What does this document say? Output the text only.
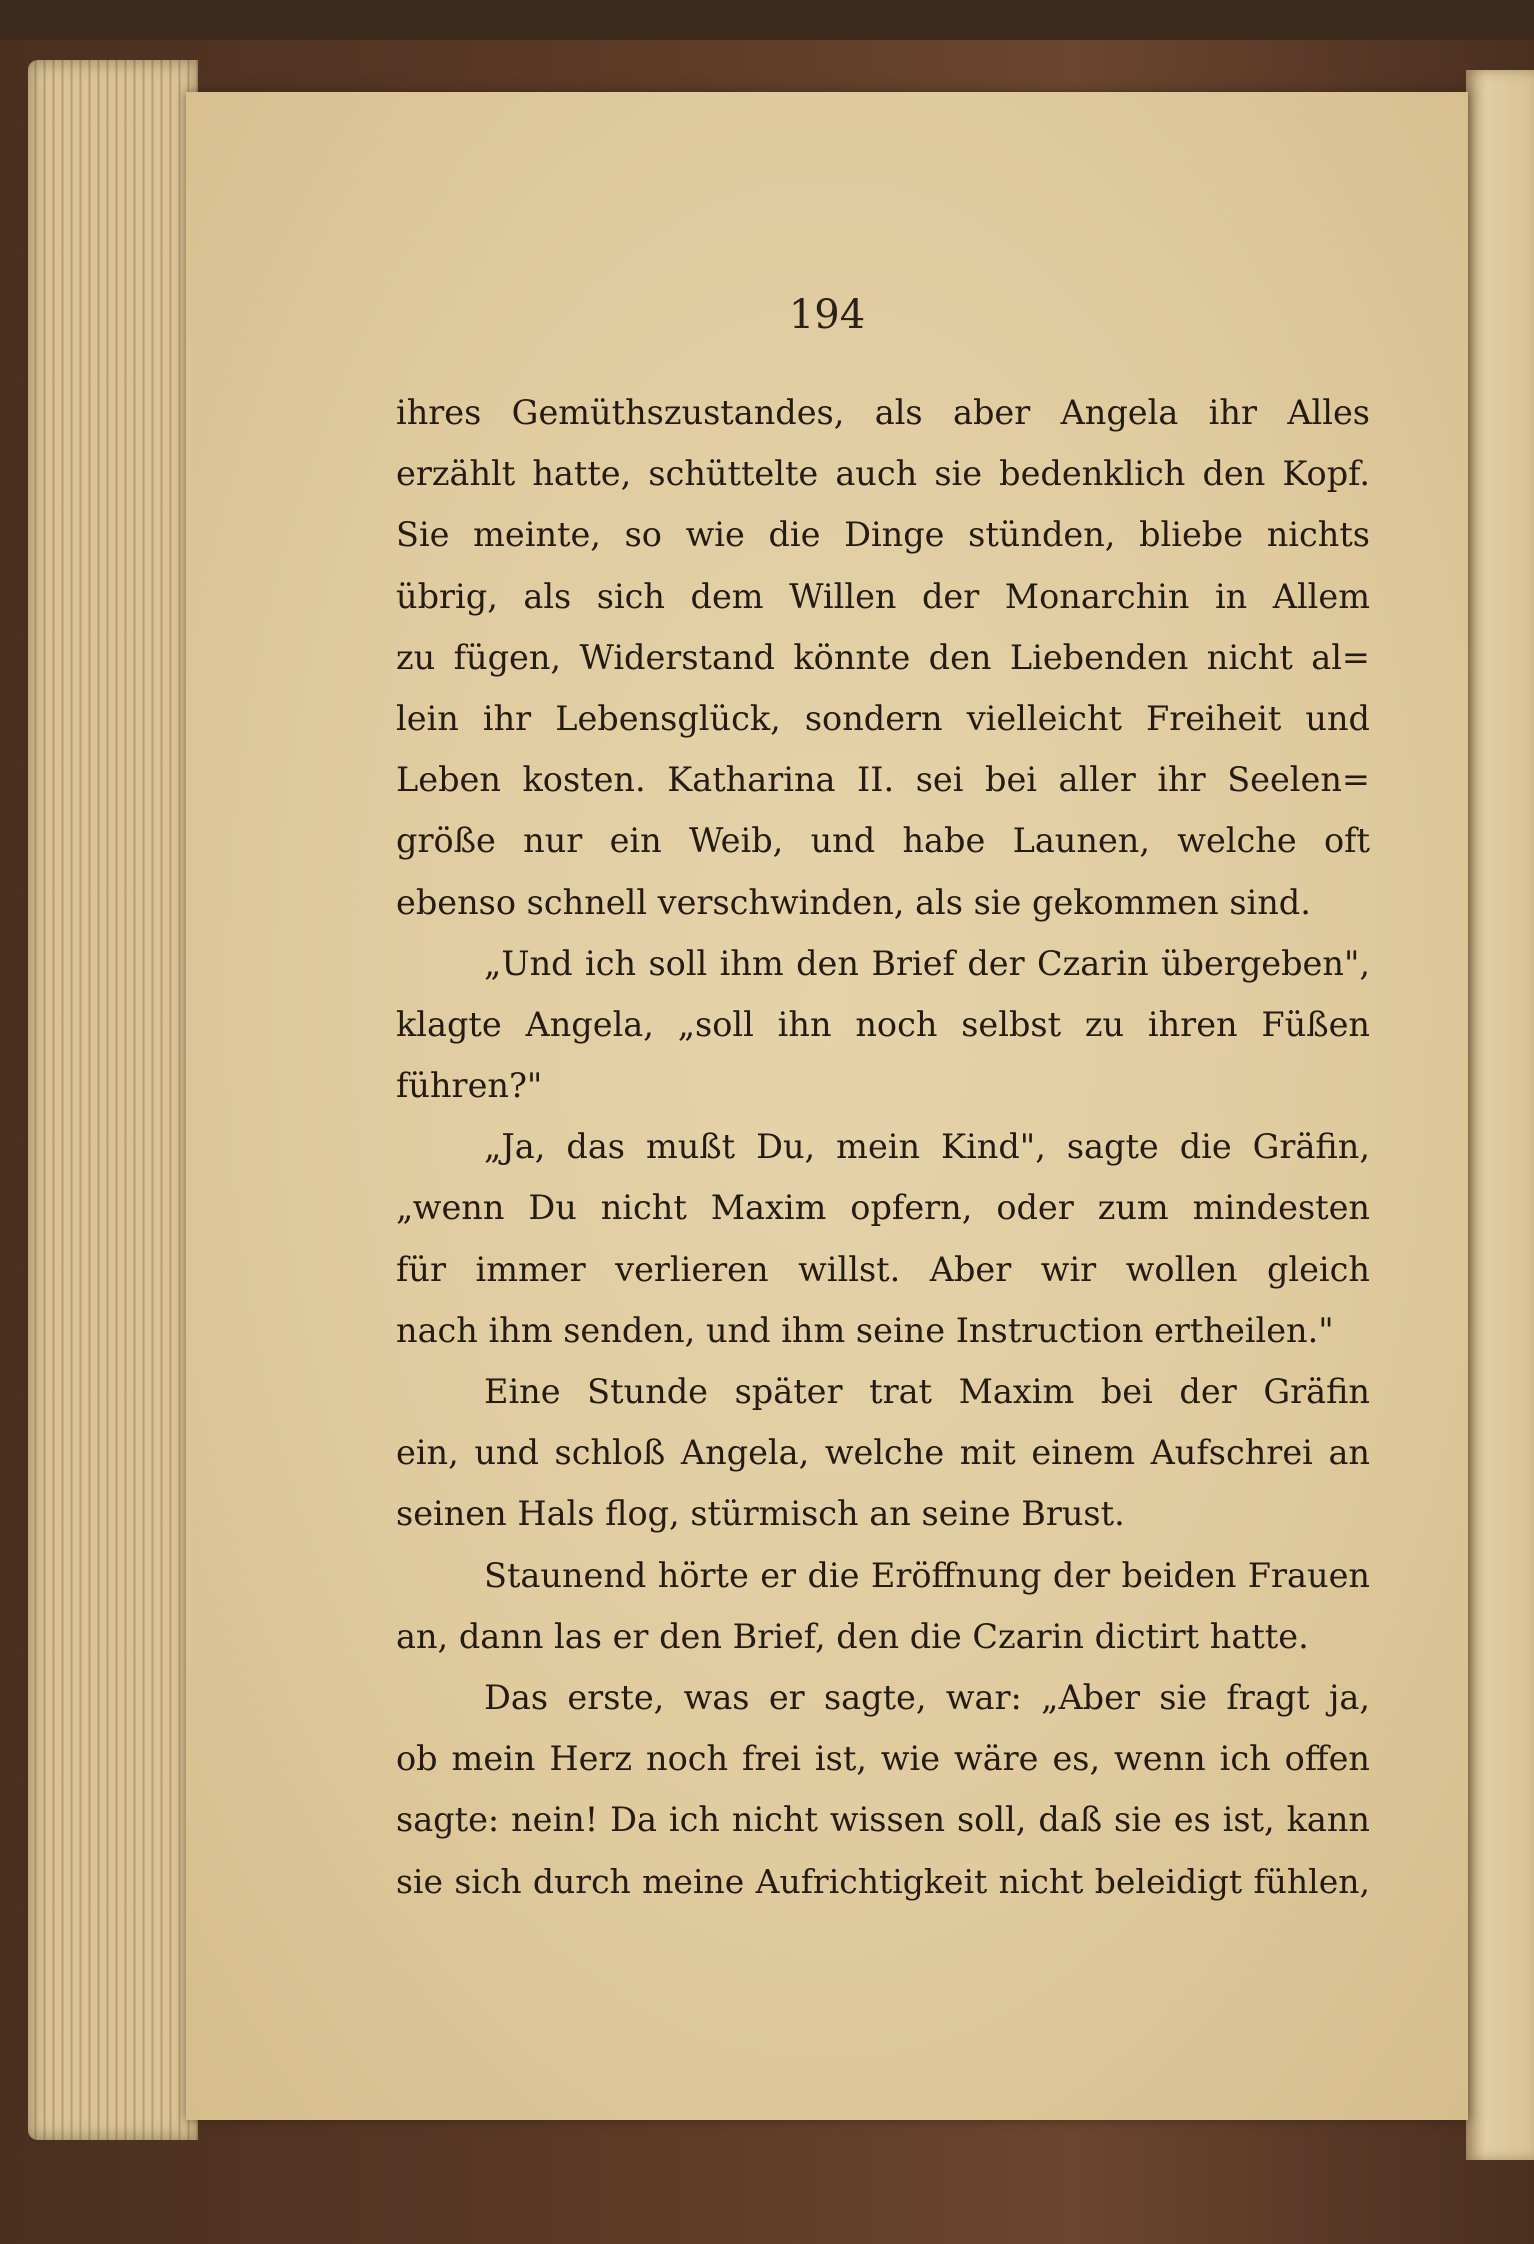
194
ihres Gemüthszustandes, als aber Angela ihr Alles
erzählt hatte, schüttelte auch sie bedenklich den Kopf.
Sie meinte, so wie die Dinge stünden, bliebe nichts
übrig, als sich dem Willen der Monarchin in Allem
zu fügen, Widerstand könnte den Liebenden nicht al=
lein ihr Lebensglück, sondern vielleicht Freiheit und
Leben kosten. Katharina II. sei bei aller ihr Seelen=
größe nur ein Weib, und habe Launen, welche oft
ebenso schnell verschwinden, als sie gekommen sind.
„Und ich soll ihm den Brief der Czarin übergeben",
klagte Angela, „soll ihn noch selbst zu ihren Füßen
führen?"
„Ja, das mußt Du, mein Kind", sagte die Gräfin,
„wenn Du nicht Maxim opfern, oder zum mindesten
für immer verlieren willst. Aber wir wollen gleich
nach ihm senden, und ihm seine Instruction ertheilen."
Eine Stunde später trat Maxim bei der Gräfin
ein, und schloß Angela, welche mit einem Aufschrei an
seinen Hals flog, stürmisch an seine Brust.
Staunend hörte er die Eröffnung der beiden Frauen
an, dann las er den Brief, den die Czarin dictirt hatte.
Das erste, was er sagte, war: „Aber sie fragt ja,
ob mein Herz noch frei ist, wie wäre es, wenn ich offen
sagte: nein! Da ich nicht wissen soll, daß sie es ist, kann
sie sich durch meine Aufrichtigkeit nicht beleidigt fühlen,
